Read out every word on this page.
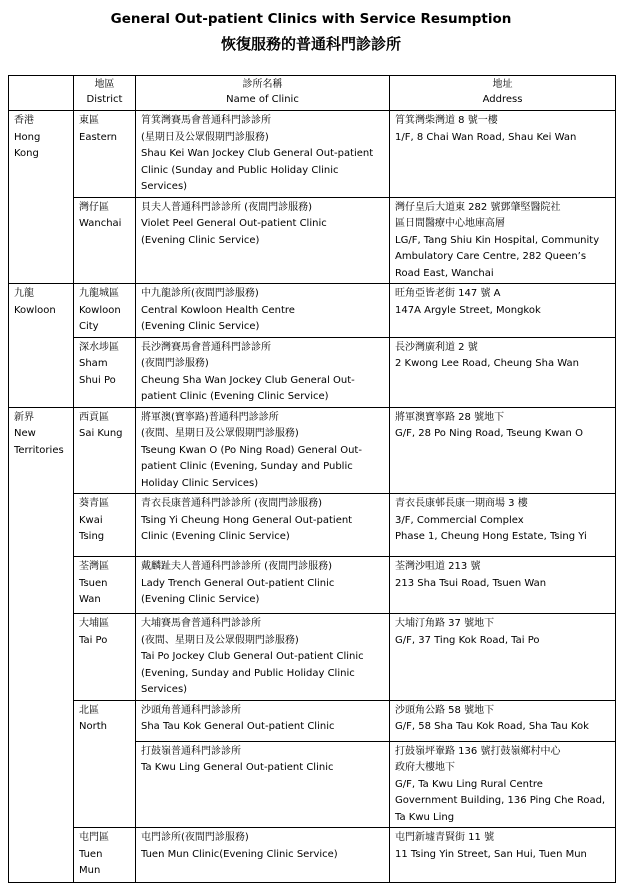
General Out-patient Clinics with Service Resumption
恢復服務的普通科門診診所

	地區
District	診所名稱
Name of Clinic	地址
Address

香港
Hong
Kong	東區
Eastern	筲箕灣賽馬會普通科門診診所
(星期日及公眾假期門診服務)
Shau Kei Wan Jockey Club General Out-patient
Clinic (Sunday and Public Holiday Clinic
Services)	筲箕灣柴灣道 8 號一樓
1/F, 8 Chai Wan Road, Shau Kei Wan

	灣仔區
Wanchai	貝夫人普通科門診診所 (夜間門診服務)
Violet Peel General Out-patient Clinic
(Evening Clinic Service)	灣仔皇后大道東 282 號鄧肇堅醫院社
區日間醫療中心地庫高層
LG/F, Tang Shiu Kin Hospital, Community
Ambulatory Care Centre, 282 Queen’s
Road East, Wanchai

九龍
Kowloon	九龍城區
Kowloon
City	中九龍診所(夜間門診服務)
Central Kowloon Health Centre
(Evening Clinic Service)	旺角亞皆老街 147 號 A
147A Argyle Street, Mongkok

	深水埗區
Sham
Shui Po	長沙灣賽馬會普通科門診診所
(夜間門診服務)
Cheung Sha Wan Jockey Club General Out-
patient Clinic (Evening Clinic Service)	長沙灣廣利道 2 號
2 Kwong Lee Road, Cheung Sha Wan

新界
New
Territories	西貢區
Sai Kung	將軍澳(寶寧路)普通科門診診所
(夜間、星期日及公眾假期門診服務)
Tseung Kwan O (Po Ning Road) General Out-
patient Clinic (Evening, Sunday and Public
Holiday Clinic Services)	將軍澳寶寧路 28 號地下
G/F, 28 Po Ning Road, Tseung Kwan O

	葵青區
Kwai
Tsing	青衣長康普通科門診診所 (夜間門診服務)
Tsing Yi Cheung Hong General Out-patient
Clinic (Evening Clinic Service)	青衣長康邨長康一期商場 3 樓
3/F, Commercial Complex
Phase 1, Cheung Hong Estate, Tsing Yi

	荃灣區
Tsuen
Wan	戴麟趾夫人普通科門診診所 (夜間門診服務)
Lady Trench General Out-patient Clinic
(Evening Clinic Service)	荃灣沙咀道 213 號
213 Sha Tsui Road, Tsuen Wan

	大埔區
Tai Po	大埔賽馬會普通科門診診所
(夜間、星期日及公眾假期門診服務)
Tai Po Jockey Club General Out-patient Clinic
(Evening, Sunday and Public Holiday Clinic
Services)	大埔汀角路 37 號地下
G/F, 37 Ting Kok Road, Tai Po

	北區
North	沙頭角普通科門診診所
Sha Tau Kok General Out-patient Clinic	沙頭角公路 58 號地下
G/F, 58 Sha Tau Kok Road, Sha Tau Kok

		打鼓嶺普通科門診診所
Ta Kwu Ling General Out-patient Clinic	打鼓嶺坪輋路 136 號打鼓嶺鄉村中心
政府大樓地下
G/F, Ta Kwu Ling Rural Centre
Government Building, 136 Ping Che Road,
Ta Kwu Ling

	屯門區
Tuen
Mun	屯門診所(夜間門診服務)
Tuen Mun Clinic(Evening Clinic Service)	屯門新墟青賢街 11 號
11 Tsing Yin Street, San Hui, Tuen Mun
